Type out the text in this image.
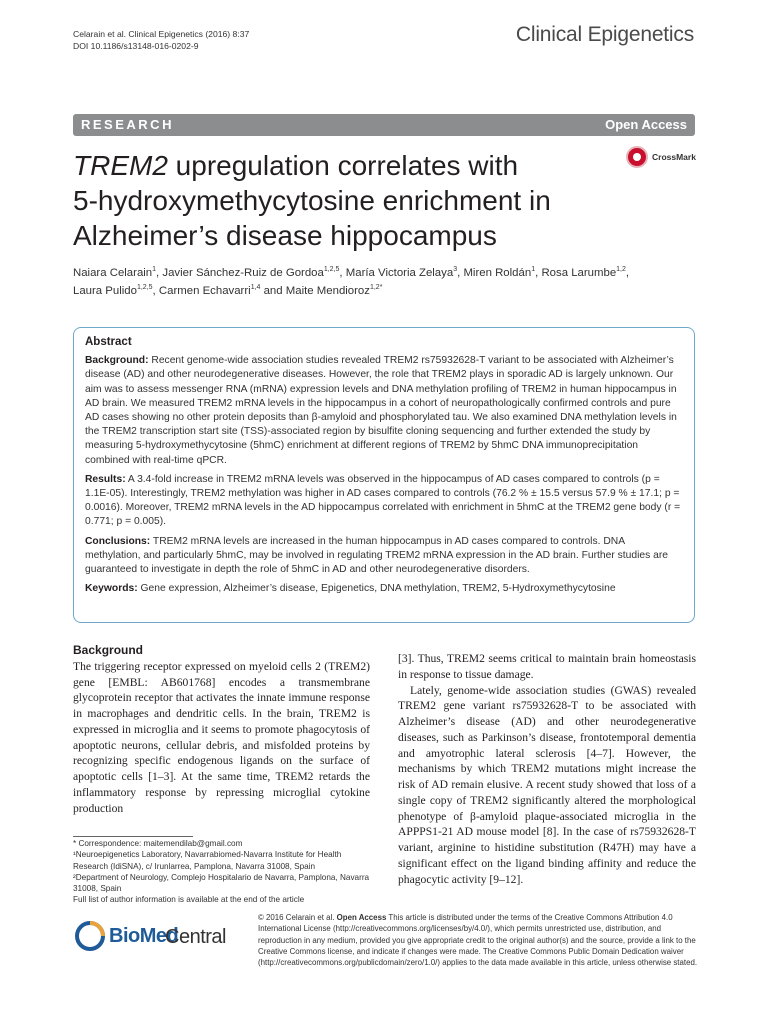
Celarain et al. Clinical Epigenetics (2016) 8:37
DOI 10.1186/s13148-016-0202-9	Clinical Epigenetics
RESEARCH	Open Access
CrossMark
TREM2 upregulation correlates with
5-hydroxymethycytosine enrichment in
Alzheimer’s disease hippocampus
Naiara Celarain$^1$, Javier Sánchez-Ruiz de Gordoa$^{1,2,5}$, María Victoria Zelaya$^3$, Miren Roldán$^1$, Rosa Larumbe$^{1,2}$,
Laura Pulido$^{1,2,5}$, Carmen Echavarri$^{1,4}$ and Maite Mendioroz$^{1,2*}$
Abstract

Background: Recent genome-wide association studies revealed TREM2 rs75932628-T variant to be associated with Alzheimer’s disease (AD) and other neurodegenerative diseases. However, the role that TREM2 plays in sporadic AD is largely unknown. Our aim was to assess messenger RNA (mRNA) expression levels and DNA methylation profiling of TREM2 in human hippocampus in AD brain. We measured TREM2 mRNA levels in the hippocampus in a cohort of neuropathologically confirmed controls and pure AD cases showing no other protein deposits than β-amyloid and phosphorylated tau. We also examined DNA methylation levels in the TREM2 transcription start site (TSS)-associated region by bisulfite cloning sequencing and further extended the study by measuring 5-hydroxymethycytosine (5hmC) enrichment at different regions of TREM2 by 5hmC DNA immunoprecipitation combined with real-time qPCR.

Results: A 3.4-fold increase in TREM2 mRNA levels was observed in the hippocampus of AD cases compared to controls (p = 1.1E-05). Interestingly, TREM2 methylation was higher in AD cases compared to controls (76.2 % ± 15.5 versus 57.9 % ± 17.1; p = 0.0016). Moreover, TREM2 mRNA levels in the AD hippocampus correlated with enrichment in 5hmC at the TREM2 gene body (r = 0.771; p = 0.005).

Conclusions: TREM2 mRNA levels are increased in the human hippocampus in AD cases compared to controls. DNA methylation, and particularly 5hmC, may be involved in regulating TREM2 mRNA expression in the AD brain. Further studies are guaranteed to investigate in depth the role of 5hmC in AD and other neurodegenerative disorders.

Keywords: Gene expression, Alzheimer’s disease, Epigenetics, DNA methylation, TREM2, 5-Hydroxymethycytosine

Background

The triggering receptor expressed on myeloid cells 2 (TREM2) gene [EMBL: AB601768] encodes a transmembrane glycoprotein receptor that activates the innate immune response in macrophages and dendritic cells. In the brain, TREM2 is expressed in microglia and it seems to promote phagocytosis of apoptotic neurons, cellular debris, and misfolded proteins by recognizing specific endogenous ligands on the surface of apoptotic cells [1–3]. At the same time, TREM2 retards the inflammatory response by repressing microglial cytokine production

[3]. Thus, TREM2 seems critical to maintain brain homeostasis in response to tissue damage.

Lately, genome-wide association studies (GWAS) revealed TREM2 gene variant rs75932628-T to be associated with Alzheimer’s disease (AD) and other neurodegenerative diseases, such as Parkinson’s disease, frontotemporal dementia and amyotrophic lateral sclerosis [4–7]. However, the mechanisms by which TREM2 mutations might increase the risk of AD remain elusive. A recent study showed that loss of a single copy of TREM2 significantly altered the morphological phenotype of β-amyloid plaque-associated microglia in the APPPS1-21 AD mouse model [8]. In the case of rs75932628-T variant, arginine to histidine substitution (R47H) may have a significant effect on the ligand binding affinity and reduce the phagocytic activity [9–12].

* Correspondence: maitemendilab@gmail.com

¹Neuroepigenetics Laboratory, Navarrabiomed-Navarra Institute for Health Research (IdiSNA), c/ Irunlarrea, Pamplona, Navarra 31008, Spain

²Department of Neurology, Complejo Hospitalario de Navarra, Pamplona, Navarra 31008, Spain

Full list of author information is available at the end of the article

BioMed
Central
© 2016 Celarain et al. Open Access This article is distributed under the terms of the Creative Commons Attribution 4.0 International License (http://creativecommons.org/licenses/by/4.0/), which permits unrestricted use, distribution, and reproduction in any medium, provided you give appropriate credit to the original author(s) and the source, provide a link to the Creative Commons license, and indicate if changes were made. The Creative Commons Public Domain Dedication waiver (http://creativecommons.org/publicdomain/zero/1.0/) applies to the data made available in this article, unless otherwise stated.
